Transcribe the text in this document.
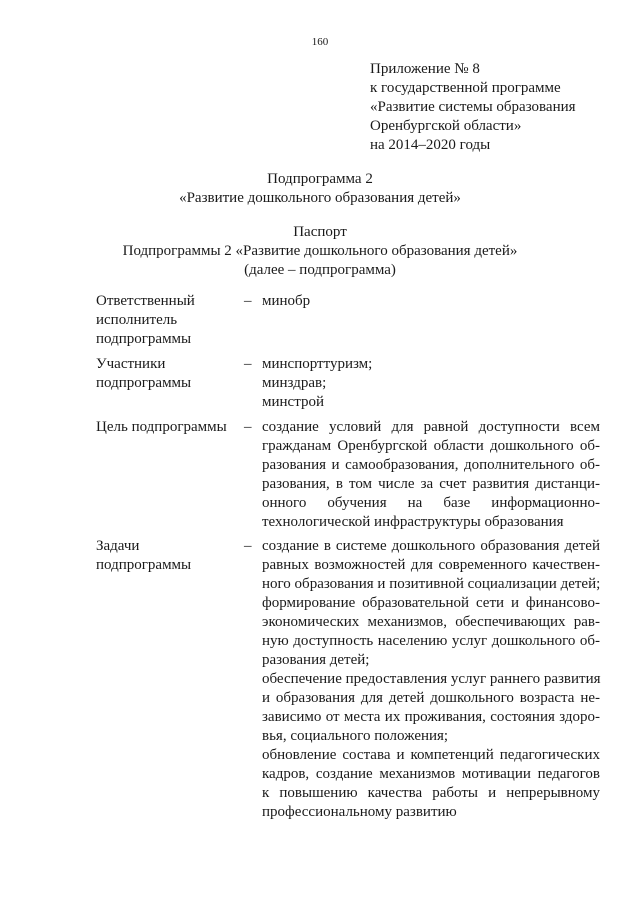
160
Приложение № 8
к государственной программе
«Развитие системы образования
Оренбургской области»
на 2014–2020 годы
Подпрограмма 2
«Развитие дошкольного образования детей»
Паспорт
Подпрограммы 2 «Развитие дошкольного образования детей»
(далее – подпрограмма)
Ответственный
исполнитель
подпрограммы
– минобр
Участники
подпрограммы
– минспорттуризм;
минздрав;
минстрой
Цель подпрограммы	– создание условий для равной доступности всем
гражданам Оренбургской области дошкольного об-
разования и самообразования, дополнительного об-
разования, в том числе за счет развития дистанци-
онного обучения на базе информационно-
технологической инфраструктуры образования
Задачи
подпрограммы
– создание в системе дошкольного образования детей
равных возможностей для современного качествен-
ного образования и позитивной социализации детей;
формирование образовательной сети и финансово-
экономических механизмов, обеспечивающих рав-
ную доступность населению услуг дошкольного об-
разования детей;
обеспечение предоставления услуг раннего развития
и образования для детей дошкольного возраста не-
зависимо от места их проживания, состояния здоро-
вья, социального положения;
обновление состава и компетенций педагогических
кадров, создание механизмов мотивации педагогов
к повышению качества работы и непрерывному
профессиональному развитию
